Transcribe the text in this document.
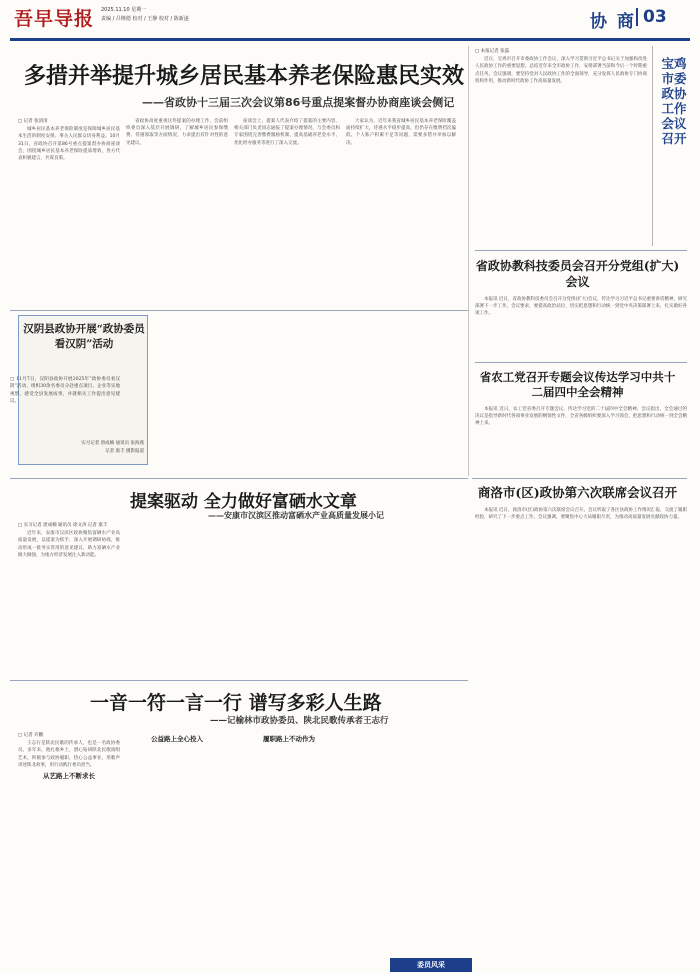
吾早导报 2025.11.10 星期一
责编 / 吕继德 校对 / 王静 校对 / 陈新遂	协 商 03
多措并举提升城乡居民基本养老保险惠民实效
——省政协十三届三次会议第86号重点提案督办协商座谈会侧记
□ 记者 张清清

城乡居民基本养老保险制度是保障城乡居民基本生活的制度安排，事关人民群众切身利益。10月31日，省政协召开第86号重点提案督办协商座谈会，围绕城乡居民基本养老保险提质增效，各方代表积极建言，共谋良策。

省政协高度重视这件提案的办理工作，会前组织委员深入基层开展调研，了解城乡居民参保缴费、待遇领取等方面情况，力求提出有针对性的意见建议。

座谈会上，提案人代表介绍了提案的主要内容，相关部门负责同志通报了提案办理情况，与会委员和专家围绕完善缴费激励机制、提高基础养老金水平、优化经办服务等进行了深入交流。

大家认为，近年来我省城乡居民基本养老保险覆盖面持续扩大，待遇水平稳步提高，但仍存在缴费档次偏低、个人账户积累不足等问题，需要多措并举加以解决。

□ 本报记者 张磊

近日，宝鸡市召开市委政协工作会议，深入学习贯彻习近平总书记关于加强和改进人民政协工作的重要思想，总结近年来全市政协工作，安排部署当前和今后一个时期重点任务。会议强调，要坚持党对人民政协工作的全面领导，充分发挥人民政协专门协商机构作用，推动新时代政协工作高质量发展。

宝鸡市委政协工作会议召开
省政协教科技委员会召开分党组(扩大)会议

本报讯 近日，省政协教科技委员会召开分党组(扩大)会议，传达学习习近平总书记重要讲话精神，研究部署下一步工作。会议要求，要提高政治站位，切实把思想和行动统一到党中央决策部署上来，扎实做好各项工作。

省农工党召开专题会议传达学习中共十二届四中全会精神

本报讯 近日，农工党省委召开专题会议，传达学习党的二十届四中全会精神。会议指出，全会通过的决议是指导新时代各项事业发展的纲领性文件，全省各级组织要深入学习领会，把思想和行动统一到全会精神上来。

商洛市(区)政协第六次联席会议召开

本报讯 近日，商洛市(区)政协第六次联席会议召开。会议听取了各区县政协工作情况汇报，交流了履职经验，研究了下一步重点工作。会议强调，要聚焦中心大局履职尽责，为推动高质量发展贡献政协力量。

汉阴县政协开展“政协委员看汉阴”活动
□ 11月7日，汉阴县政协开展2025年“政协委员看汉阴”活动，组织30余名委员分赴重点项目、企业等实地视察，感受全县发展成果，并就相关工作提出意见建议。
实习记者 唐成楠 通讯员 张海燕
记者 康丰 摄影报道
提案驱动 全力做好富硒水文章
——安康市汉滨区推动富硒水产业高质量发展小记
□ 实习记者 唐成楠 通讯员 徐文涛 记者 康丰

近年来，安康市汉滨区政协聚焦富硒水产业高质量发展，以提案为抓手，深入开展调研协商，推动形成一批务实管用的意见建议，助力富硒水产业做大做强，为地方经济发展注入新动能。

一音一符一言一行 谱写多彩人生路
——记榆林市政协委员、陕北民歌传承者王志行
□ 记者 许鹏

王志行是陕北民歌的传承人，也是一名政协委员。多年来，他扎根乡土，潜心钻研陕北民歌演唱艺术，积极参与政协履职，热心公益事业，用歌声讲述陕北故事，用行动践行委员担当。

从艺路上不断求长
公益路上全心投入	履职路上不动作为
委员风采
